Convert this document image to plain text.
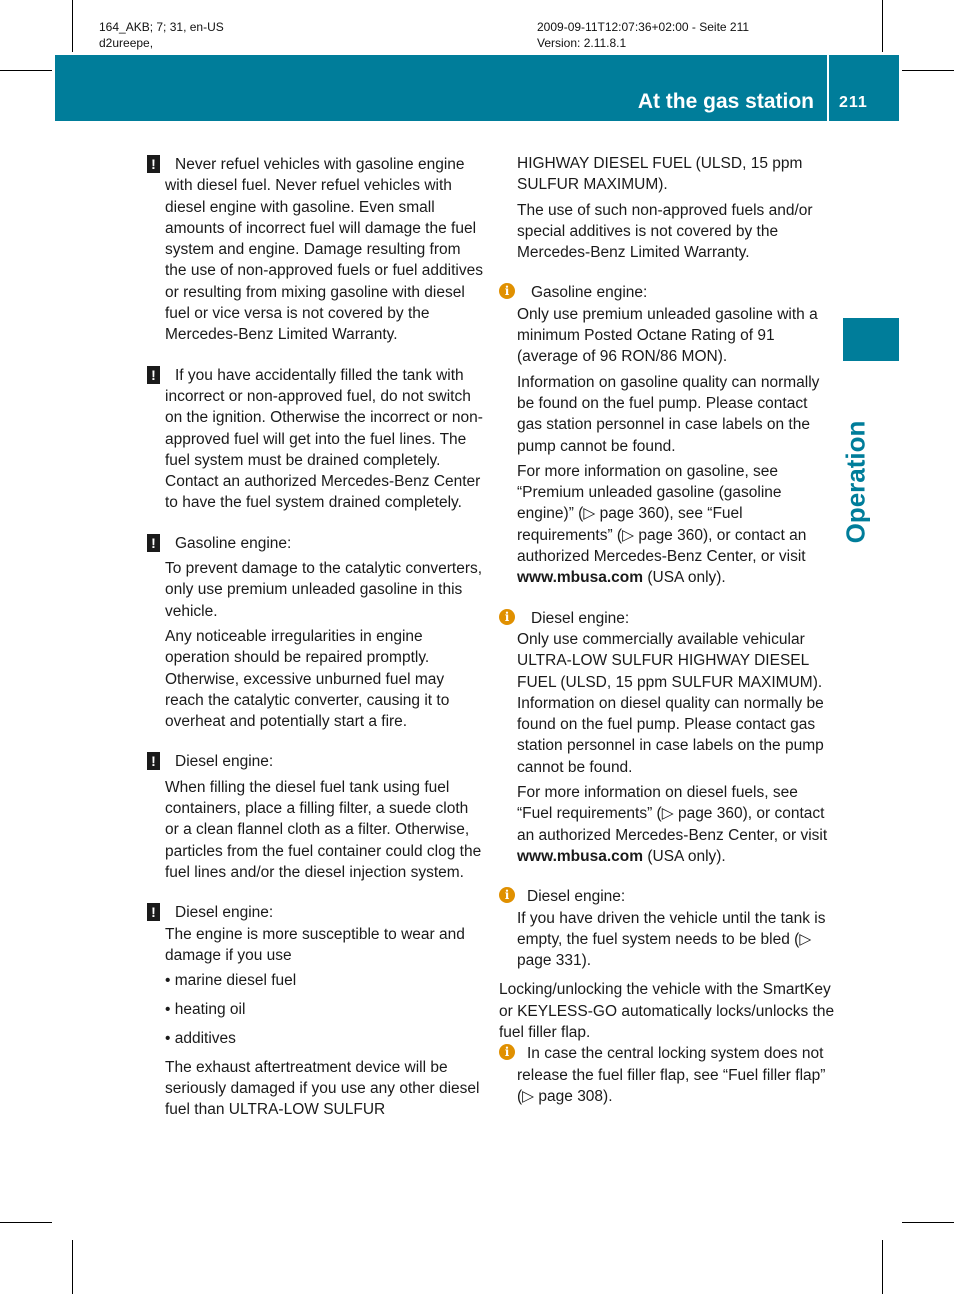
164_AKB; 7; 31, en-US
d2ureepe,
2009-09-11T12:07:36+02:00 - Seite 211
Version: 2.11.8.1
At the gas station 211
Operation
!	Never refuel vehicles with gasoline engine with diesel fuel. Never refuel vehicles with diesel engine with gasoline. Even small amounts of incorrect fuel will damage the fuel system and engine. Damage resulting from the use of non-approved fuels or fuel additives or resulting from mixing gasoline with diesel fuel or vice versa is not covered by the Mercedes-Benz Limited Warranty.

!	If you have accidentally filled the tank with incorrect or non-approved fuel, do not switch on the ignition. Otherwise the incorrect or non-approved fuel will get into the fuel lines. The fuel system must be drained completely. Contact an authorized Mercedes-Benz Center to have the fuel system drained completely.

!	Gasoline engine:

To prevent damage to the catalytic converters, only use premium unleaded gasoline in this vehicle.

Any noticeable irregularities in engine operation should be repaired promptly. Otherwise, excessive unburned fuel may reach the catalytic converter, causing it to overheat and potentially start a fire.

!	Diesel engine:

When filling the diesel fuel tank using fuel containers, place a filling filter, a suede cloth or a clean flannel cloth as a filter. Otherwise, particles from the fuel container could clog the fuel lines and/or the diesel injection system.

!	Diesel engine:

The engine is more susceptible to wear and damage if you use

• marine diesel fuel
• heating oil
• additives

The exhaust aftertreatment device will be seriously damaged if you use any other diesel fuel than ULTRA-LOW SULFUR

HIGHWAY DIESEL FUEL (ULSD, 15 ppm SULFUR MAXIMUM).

The use of such non-approved fuels and/or special additives is not covered by the Mercedes-Benz Limited Warranty.

i	Gasoline engine:

Only use premium unleaded gasoline with a minimum Posted Octane Rating of 91 (average of 96 RON/86 MON).

Information on gasoline quality can normally be found on the fuel pump. Please contact gas station personnel in case labels on the pump cannot be found.

For more information on gasoline, see “Premium unleaded gasoline (gasoline engine)” (▷ page 360), see “Fuel requirements” (▷ page 360), or contact an authorized Mercedes-Benz Center, or visit www.mbusa.com (USA only).

i	Diesel engine:

Only use commercially available vehicular ULTRA-LOW SULFUR HIGHWAY DIESEL FUEL (ULSD, 15 ppm SULFUR MAXIMUM). Information on diesel quality can normally be found on the fuel pump. Please contact gas station personnel in case labels on the pump cannot be found.

For more information on diesel fuels, see “Fuel requirements” (▷ page 360), or contact an authorized Mercedes-Benz Center, or visit www.mbusa.com (USA only).

i	Diesel engine:

If you have driven the vehicle until the tank is empty, the fuel system needs to be bled (▷ page 331).

Locking/unlocking the vehicle with the SmartKey or KEYLESS-GO automatically locks/unlocks the fuel filler flap.

i	In case the central locking system does not release the fuel filler flap, see “Fuel filler flap” (▷ page 308).
